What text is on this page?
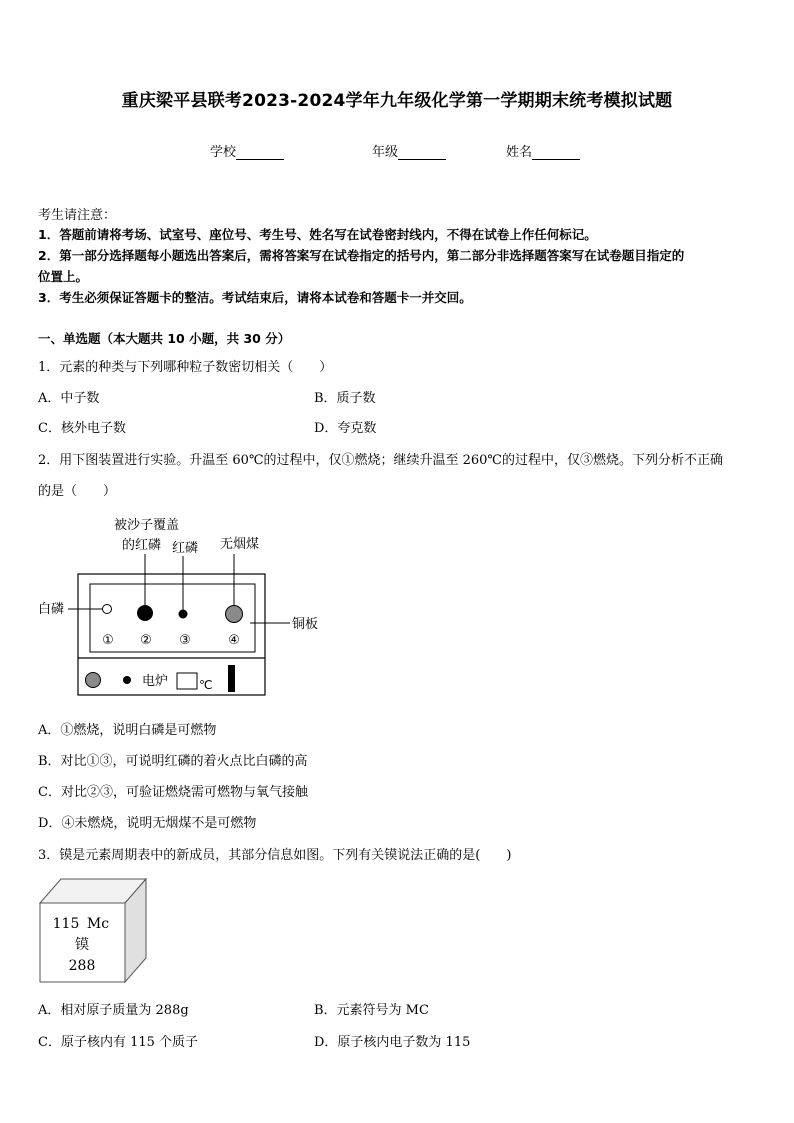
重庆梁平县联考2023-2024学年九年级化学第一学期期末统考模拟试题
学校	年级	姓名
考生请注意：
1．答题前请将考场、试室号、座位号、考生号、姓名写在试卷密封线内，不得在试卷上作任何标记。
2．第一部分选择题每小题选出答案后，需将答案写在试卷指定的括号内，第二部分非选择题答案写在试卷题目指定的
位置上。
3．考生必须保证答题卡的整洁。考试结束后，请将本试卷和答题卡一并交回。
一、单选题（本大题共 10 小题，共 30 分）
1．元素的种类与下列哪种粒子数密切相关（　　）
A．中子数	B．质子数
C．核外电子数	D．夸克数
2．用下图装置进行实验。升温至 60℃的过程中，仅①燃烧；继续升温至 260℃的过程中，仅③燃烧。下列分析不正确
的是（　　）
被沙子覆盖
的红磷 红磷 无烟煤
白磷
铜板
① ② ③	④
电炉	℃
A．①燃烧，说明白磷是可燃物
B．对比①③，可说明红磷的着火点比白磷的高
C．对比②③，可验证燃烧需可燃物与氧气接触
D．④未燃烧，说明无烟煤不是可燃物
3．镆是元素周期表中的新成员，其部分信息如图。下列有关镆说法正确的是(　　)
115 Mc
镆
288
A．相对原子质量为 288g	B．元素符号为 MC
C．原子核内有 115 个质子	D．原子核内电子数为 115
